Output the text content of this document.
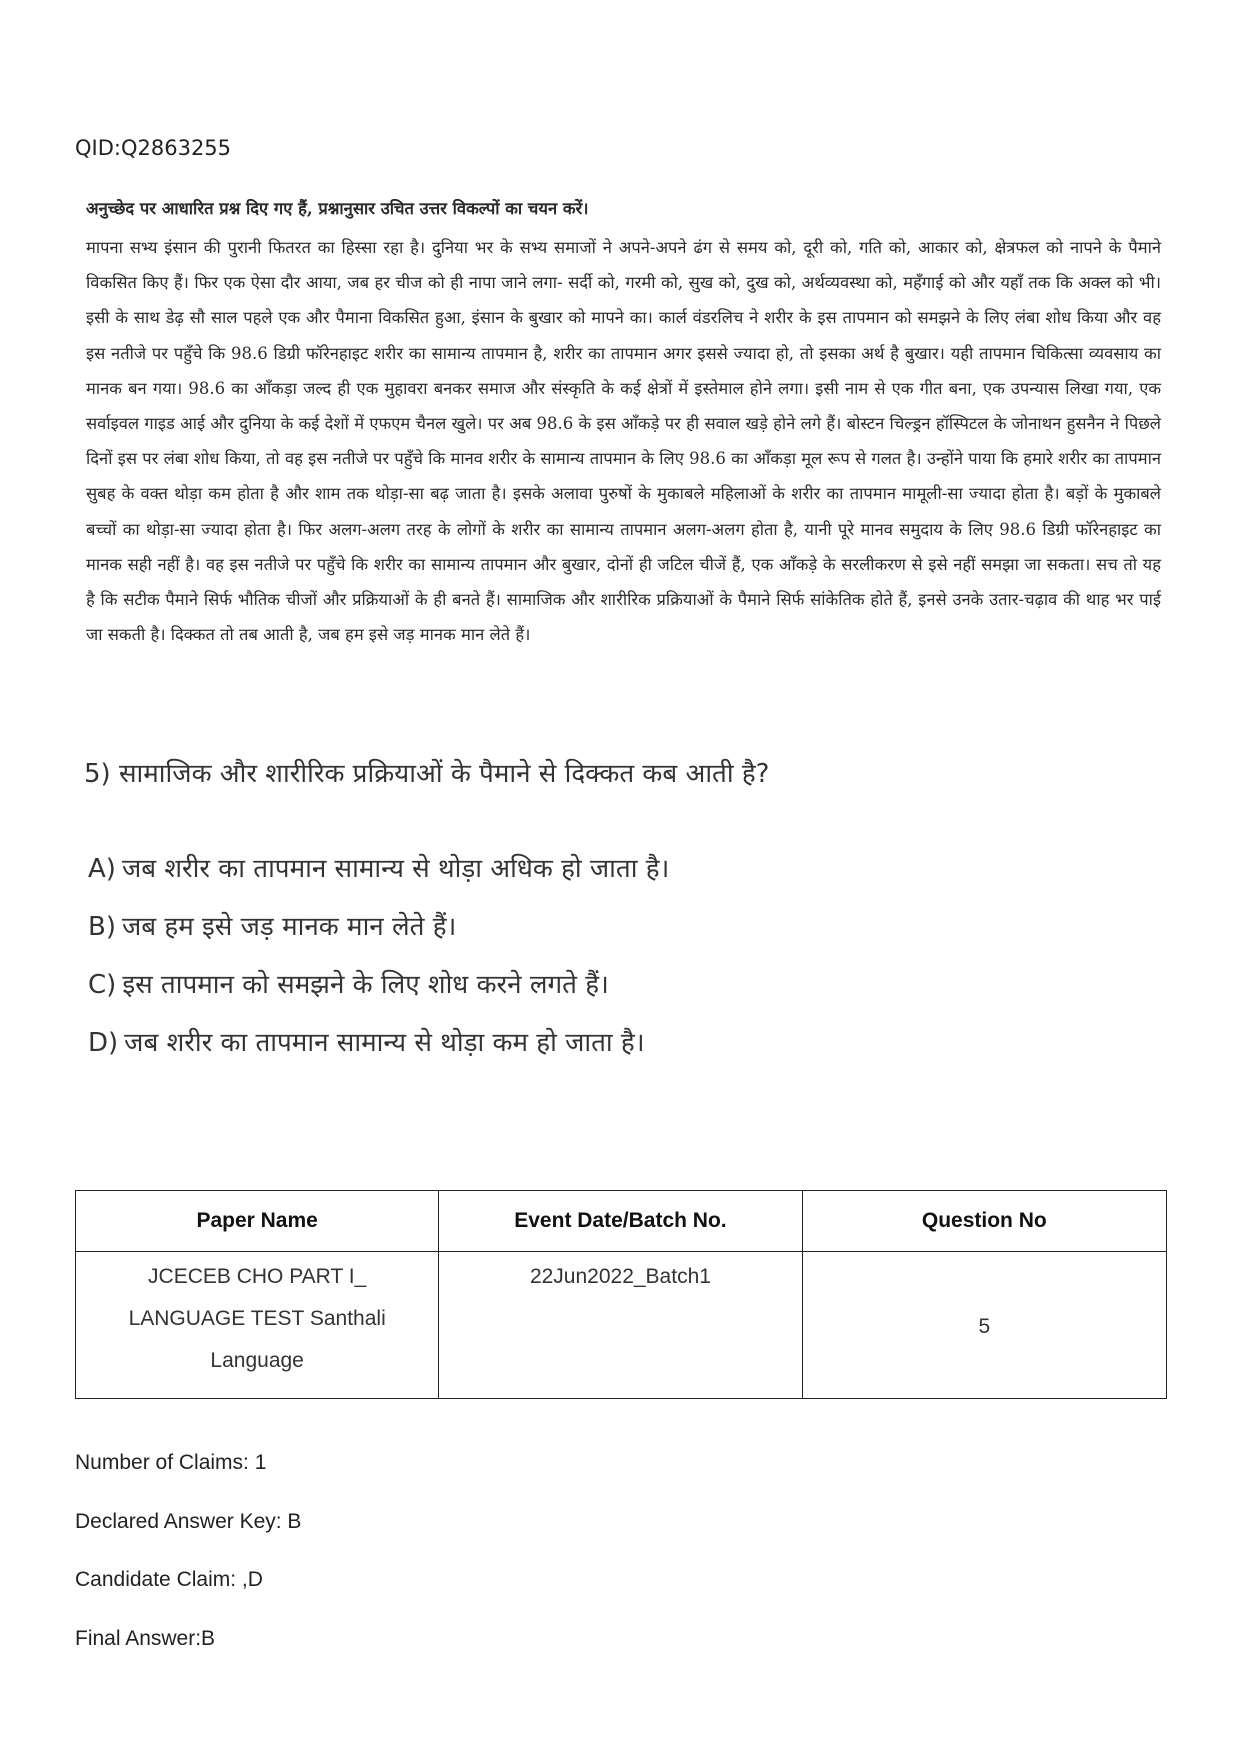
QID:Q2863255

अनुच्छेद पर आधारित प्रश्न दिए गए हैं, प्रश्नानुसार उचित उत्तर विकल्पों का चयन करें।

मापना सभ्य इंसान की पुरानी फितरत का हिस्सा रहा है। दुनिया भर के सभ्य समाजों ने अपने-अपने ढंग से समय को, दूरी को, गति को, आकार को, क्षेत्रफल को नापने के पैमाने विकसित किए हैं। फिर एक ऐसा दौर आया, जब हर चीज को ही नापा जाने लगा- सर्दी को, गरमी को, सुख को, दुख को, अर्थव्यवस्था को, महँगाई को और यहाँ तक कि अक्ल को भी। इसी के साथ डेढ़ सौ साल पहले एक और पैमाना विकसित हुआ, इंसान के बुखार को मापने का। कार्ल वंडरलिच ने शरीर के इस तापमान को समझने के लिए लंबा शोध किया और वह इस नतीजे पर पहुँचे कि 98.6 डिग्री फॉरेनहाइट शरीर का सामान्य तापमान है, शरीर का तापमान अगर इससे ज्यादा हो, तो इसका अर्थ है बुखार। यही तापमान चिकित्सा व्यवसाय का मानक बन गया। 98.6 का आँकड़ा जल्द ही एक मुहावरा बनकर समाज और संस्कृति के कई क्षेत्रों में इस्तेमाल होने लगा। इसी नाम से एक गीत बना, एक उपन्यास लिखा गया, एक सर्वाइवल गाइड आई और दुनिया के कई देशों में एफएम चैनल खुले। पर अब 98.6 के इस आँकड़े पर ही सवाल खड़े होने लगे हैं। बोस्टन चिल्ड्रन हॉस्पिटल के जोनाथन हुसनैन ने पिछले दिनों इस पर लंबा शोध किया, तो वह इस नतीजे पर पहुँचे कि मानव शरीर के सामान्य तापमान के लिए 98.6 का आँकड़ा मूल रूप से गलत है। उन्होंने पाया कि हमारे शरीर का तापमान सुबह के वक्त थोड़ा कम होता है और शाम तक थोड़ा-सा बढ़ जाता है। इसके अलावा पुरुषों के मुकाबले महिलाओं के शरीर का तापमान मामूली-सा ज्यादा होता है। बड़ों के मुकाबले बच्चों का थोड़ा-सा ज्यादा होता है। फिर अलग-अलग तरह के लोगों के शरीर का सामान्य तापमान अलग-अलग होता है, यानी पूरे मानव समुदाय के लिए 98.6 डिग्री फॉरेनहाइट का मानक सही नहीं है। वह इस नतीजे पर पहुँचे कि शरीर का सामान्य तापमान और बुखार, दोनों ही जटिल चीजें हैं, एक आँकड़े के सरलीकरण से इसे नहीं समझा जा सकता। सच तो यह है कि सटीक पैमाने सिर्फ भौतिक चीजों और प्रक्रियाओं के ही बनते हैं। सामाजिक और शारीरिक प्रक्रियाओं के पैमाने सिर्फ सांकेतिक होते हैं, इनसे उनके उतार-चढ़ाव की थाह भर पाई जा सकती है। दिक्कत तो तब आती है, जब हम इसे जड़ मानक मान लेते हैं।

5) सामाजिक और शारीरिक प्रक्रियाओं के पैमाने से दिक्कत कब आती है?
A) जब शरीर का तापमान सामान्य से थोड़ा अधिक हो जाता है।
B) जब हम इसे जड़ मानक मान लेते हैं।
C) इस तापमान को समझने के लिए शोध करने लगते हैं।
D) जब शरीर का तापमान सामान्य से थोड़ा कम हो जाता है।
Paper Name	Event Date/Batch No.	Question No

JCECEB CHO PART I_
LANGUAGE TEST Santhali
Language	22Jun2022_Batch1	5
Number of Claims: 1
Declared Answer Key: B
Candidate Claim: ,D
Final Answer:B
